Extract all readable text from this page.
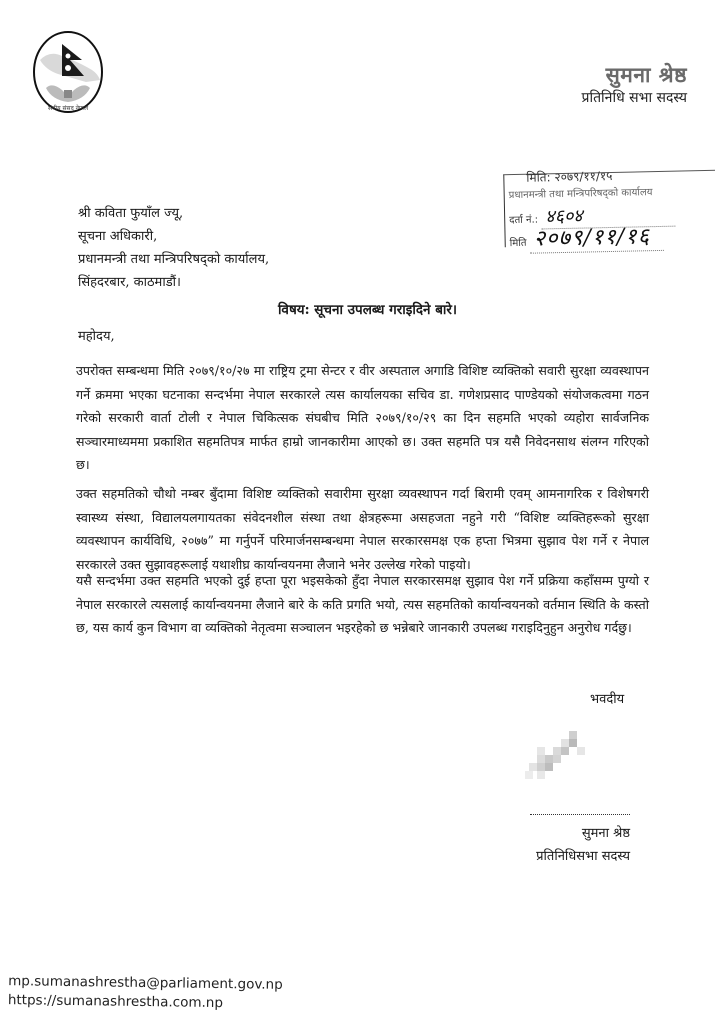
संघीय संसद नेपाल
सुमना श्रेष्ठ
प्रतिनिधि सभा सदस्य
मिति: २०७९/११/१५
प्रधानमन्त्री तथा मन्त्रिपरिषद्को कार्यालय
दर्ता नं.: ४६०४
मिति २०७९/११/१६
श्री कविता फुयाँल ज्यू,
सूचना अधिकारी,
प्रधानमन्त्री तथा मन्त्रिपरिषद्को कार्यालय,
सिंहदरबार, काठमाडौं।
विषय: सूचना उपलब्ध गराइदिने बारे।
महोदय,
उपरोक्त सम्बन्धमा मिति २०७९/१०/२७ मा राष्ट्रिय ट्रमा सेन्टर र वीर अस्पताल अगाडि विशिष्ट व्यक्तिको सवारी सुरक्षा व्यवस्थापन गर्ने क्रममा भएका घटनाका सन्दर्भमा नेपाल सरकारले त्यस कार्यालयका सचिव डा. गणेशप्रसाद पाण्डेयको संयोजकत्वमा गठन गरेको सरकारी वार्ता टोली र नेपाल चिकित्सक संघबीच मिति २०७९/१०/२९ का दिन सहमति भएको व्यहोरा सार्वजनिक सञ्चारमाध्यममा प्रकाशित सहमतिपत्र मार्फत हाम्रो जानकारीमा आएको छ। उक्त सहमति पत्र यसै निवेदनसाथ संलग्न गरिएको छ।
उक्त सहमतिको चौथो नम्बर बुँदामा विशिष्ट व्यक्तिको सवारीमा सुरक्षा व्यवस्थापन गर्दा बिरामी एवम् आमनागरिक र विशेषगरी स्वास्थ्य संस्था, विद्यालयलगायतका संवेदनशील संस्था तथा क्षेत्रहरूमा असहजता नहुने गरी “विशिष्ट व्यक्तिहरूको सुरक्षा व्यवस्थापन कार्यविधि, २०७७” मा गर्नुपर्ने परिमार्जनसम्बन्धमा नेपाल सरकारसमक्ष एक हप्ता भित्रमा सुझाव पेश गर्ने र नेपाल सरकारले उक्त सुझावहरूलाई यथाशीघ्र कार्यान्वयनमा लैजाने भनेर उल्लेख गरेको पाइयो।
यसै सन्दर्भमा उक्त सहमति भएको दुई हप्ता पूरा भइसकेको हुँदा नेपाल सरकारसमक्ष सुझाव पेश गर्ने प्रक्रिया कहाँसम्म पुग्यो र नेपाल सरकारले त्यसलाई कार्यान्वयनमा लैजाने बारे के कति प्रगति भयो, त्यस सहमतिको कार्यान्वयनको वर्तमान स्थिति के कस्तो छ, यस कार्य कुन विभाग वा व्यक्तिको नेतृत्वमा सञ्चालन भइरहेको छ भन्नेबारे जानकारी उपलब्ध गराइदिनुहुन अनुरोध गर्दछु।
भवदीय
सुमना श्रेष्ठ
प्रतिनिधिसभा सदस्य
mp.sumanashrestha@parliament.gov.np
https://sumanashrestha.com.np
